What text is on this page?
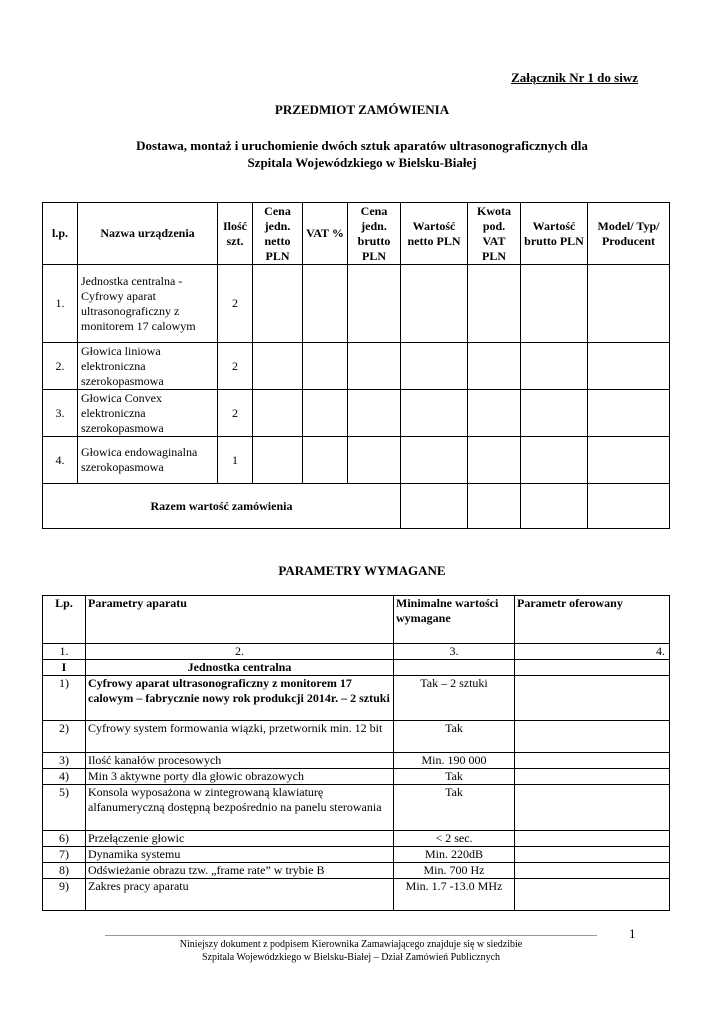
Załącznik Nr 1 do siwz
PRZEDMIOT ZAMÓWIENIA
Dostawa, montaż i uruchomienie dwóch sztuk aparatów ultrasonograficznych dla
Szpitala Wojewódzkiego w Bielsku-Białej
l.p.	Nazwa urządzenia	Ilość szt.	Cena jedn. netto PLN	VAT %	Cena jedn. brutto PLN	Wartość netto PLN	Kwota pod. VAT PLN	Wartość brutto PLN	Model/ Typ/ Producent
1.	Jednostka centralna - Cyfrowy aparat ultrasonograficzny z monitorem 17 calowym	2							
2.	Głowica liniowa elektroniczna szerokopasmowa	2							
3.	Głowica Convex elektroniczna szerokopasmowa	2							
4.	Głowica endowaginalna szerokopasmowa	1							
Razem wartość zamówienia									
PARAMETRY WYMAGANE
Lp.	Parametry aparatu	Minimalne wartości wymagane	Parametr oferowany
1.	2.	3.	4.
I	Jednostka centralna		
1)	Cyfrowy aparat ultrasonograficzny z monitorem 17 calowym – fabrycznie nowy rok produkcji 2014r. – 2 sztuki	Tak – 2 sztuki	
2)	Cyfrowy system formowania wiązki, przetwornik min. 12 bit	Tak	
3)	Ilość kanałów procesowych	Min. 190 000	
4)	Min 3 aktywne porty dla głowic obrazowych	Tak	
5)	Konsola wyposażona w zintegrowaną klawiaturę alfanumeryczną dostępną bezpośrednio na panelu sterowania	Tak	
6)	Przełączenie głowic	< 2 sec.	
7)	Dynamika systemu	Min. 220dB	
8)	Odświeżanie obrazu tzw. „frame rate” w trybie B	Min. 700 Hz	
9)	Zakres pracy aparatu	Min. 1.7 -13.0 MHz	
Niniejszy dokument z podpisem Kierownika Zamawiającego znajduje się w siedzibie
Szpitala Wojewódzkiego w Bielsku-Białej – Dział Zamówień Publicznych
1
